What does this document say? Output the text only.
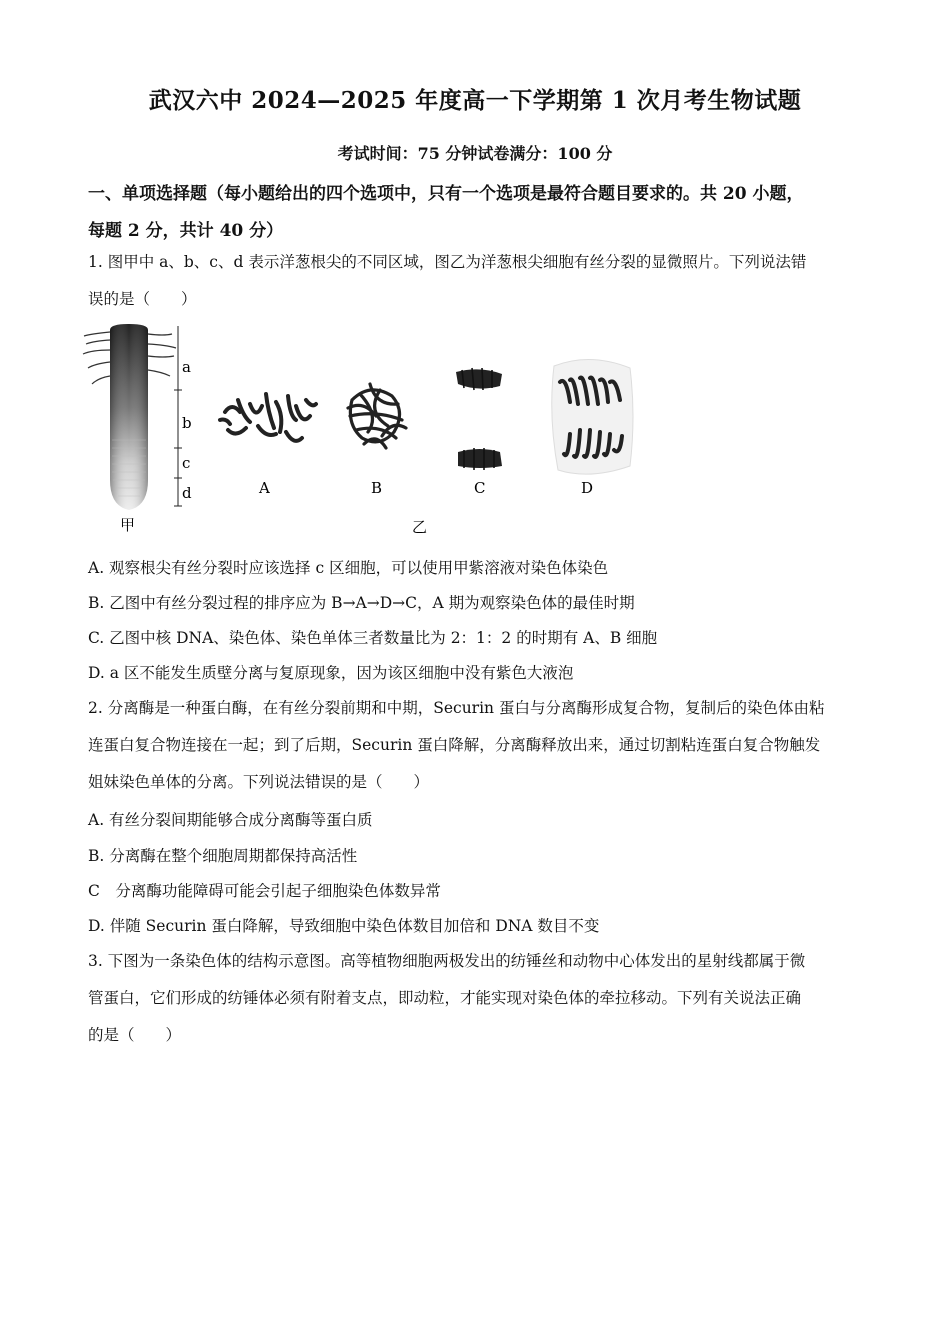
武汉六中 2024—2025 年度高一下学期第 1 次月考生物试题
考试时间：75 分钟试卷满分：100 分
一、单项选择题（每小题给出的四个选项中，只有一个选项是最符合题目要求的。共 20 小题，
每题 2 分，共计 40 分）
1. 图甲中 a、b、c、d 表示洋葱根尖的不同区域，图乙为洋葱根尖细胞有丝分裂的显微照片。下列说法错
误的是（　　）
a
b
c
d
甲
A	B	C	D
乙
A. 观察根尖有丝分裂时应该选择 c 区细胞，可以使用甲紫溶液对染色体染色
B. 乙图中有丝分裂过程的排序应为 B→A→D→C，A 期为观察染色体的最佳时期
C. 乙图中核 DNA、染色体、染色单体三者数量比为 2：1：2 的时期有 A、B 细胞
D. a 区不能发生质壁分离与复原现象，因为该区细胞中没有紫色大液泡
2. 分离酶是一种蛋白酶，在有丝分裂前期和中期，Securin 蛋白与分离酶形成复合物，复制后的染色体由粘
连蛋白复合物连接在一起；到了后期，Securin 蛋白降解，分离酶释放出来，通过切割粘连蛋白复合物触发
姐妹染色单体的分离。下列说法· · 错误的是（　　）
A. 有丝分裂间期能够合成分离酶等蛋白质
B. 分离酶在整个细胞周期都保持高活性
C　分离酶功能障碍可能会引起子细胞染色体数异常
D. 伴随 Securin 蛋白降解，导致细胞中染色体数目加倍和 DNA 数目不变
3. 下图为一条染色体的结构示意图。高等植物细胞两极发出的纺锤丝和动物中心体发出的星射线都属于微
管蛋白，它们形成的纺锤体必须有附着支点，即动粒，才能实现对染色体的牵拉移动。下列有关说法正确
的是（　　）
